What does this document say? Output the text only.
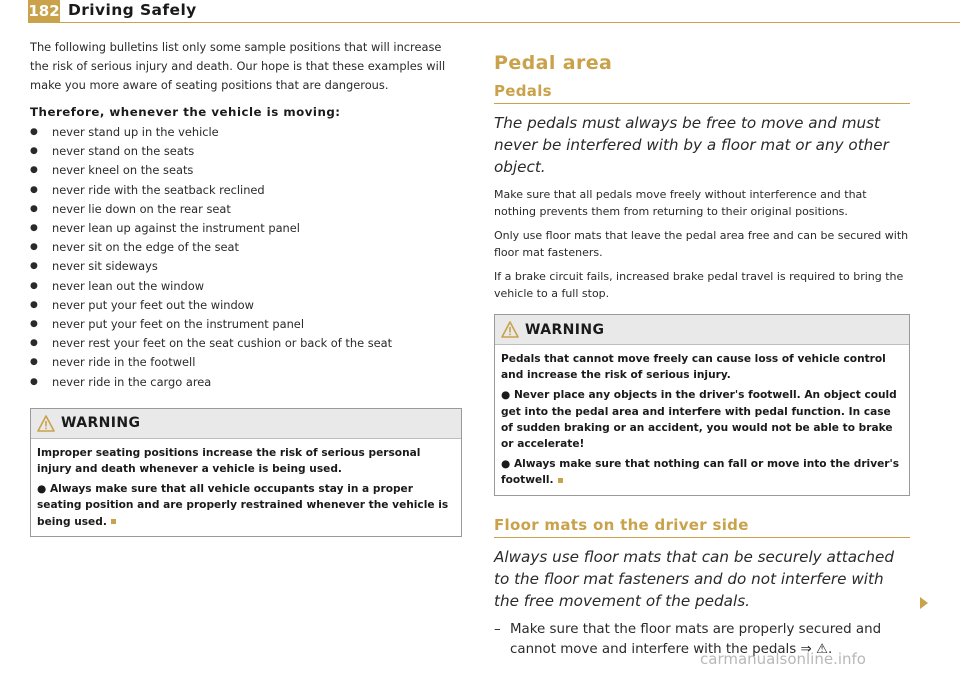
182 Driving Safely

The following bulletins list only some sample positions that will increase the risk of serious injury and death. Our hope is that these examples will make you more aware of seating positions that are dangerous.

Therefore, whenever the vehicle is moving:
●	never stand up in the vehicle
●	never stand on the seats
●	never kneel on the seats
●	never ride with the seatback reclined
●	never lie down on the rear seat
●	never lean up against the instrument panel
●	never sit on the edge of the seat
●	never sit sideways
●	never lean out the window
●	never put your feet out the window
●	never put your feet on the instrument panel
●	never rest your feet on the seat cushion or back of the seat
●	never ride in the footwell
●	never ride in the cargo area
WARNING

Improper seating positions increase the risk of serious personal injury and death whenever a vehicle is being used.

● Always make sure that all vehicle occupants stay in a proper seating position and are properly restrained whenever the vehicle is being used.

Pedal area
Pedals

The pedals must always be free to move and must never be interfered with by a floor mat or any other object.

Make sure that all pedals move freely without interference and that nothing prevents them from returning to their original positions.

Only use floor mats that leave the pedal area free and can be secured with floor mat fasteners.

If a brake circuit fails, increased brake pedal travel is required to bring the vehicle to a full stop.

WARNING

Pedals that cannot move freely can cause loss of vehicle control and increase the risk of serious injury.

● Never place any objects in the driver's footwell. An object could get into the pedal area and interfere with pedal function. In case of sudden braking or an accident, you would not be able to brake or accelerate!

● Always make sure that nothing can fall or move into the driver's footwell.

Floor mats on the driver side

Always use floor mats that can be securely attached to the floor mat fasteners and do not interfere with the free movement of the pedals.

– Make sure that the floor mats are properly secured and cannot move and interfere with the pedals ⇒ ⚠.
carmanualsonline.info
